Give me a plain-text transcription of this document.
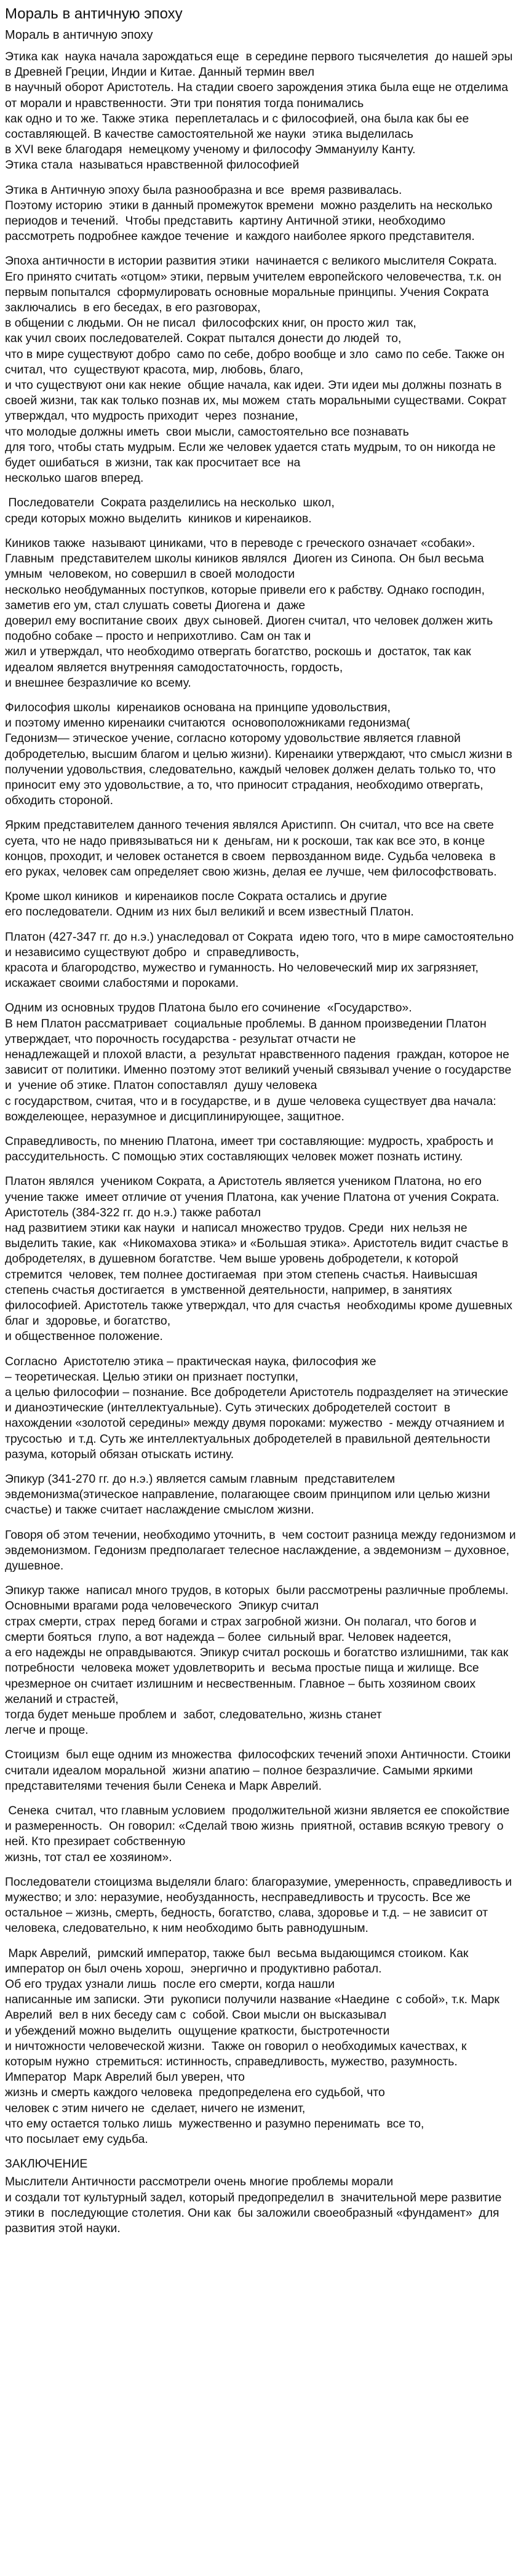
Мораль в античную эпоху
Мораль в античную эпоху
Этика как  наука начала зарождаться еще  в середине первого тысячелетия  до нашей эры в Древней Греции, Индии и Китае. Данный термин ввел
в научный оборот Аристотель. На стадии своего зарождения этика была еще не отделима от морали и нравственности. Эти три понятия тогда понимались
как одно и то же. Также этика  переплеталась и с философией, она была как бы ее составляющей. В качестве самостоятельной же науки  этика выделилась
в XVI веке благодаря  немецкому ученому и философу Эммануилу Канту.
Этика стала  называться нравственной философией
Этика в Античную эпоху была разнообразна и все  время развивалась.
Поэтому историю  этики в данный промежуток времени  можно разделить на несколько  периодов и течений.  Чтобы представить  картину Античной этики, необходимо рассмотреть подробнее каждое течение  и каждого наиболее яркого представителя.
Эпоха античности в истории развития этики  начинается с великого мыслителя Сократа. Его принято считать «отцом» этики, первым учителем европейского человечества, т.к. он первым попытался  сформулировать основные моральные принципы. Учения Сократа заключались  в его беседах, в его разговорах,
в общении с людьми. Он не писал  философских книг, он просто жил  так,
как учил своих последователей. Сократ пытался донести до людей  то,
что в мире существуют добро  само по себе, добро вообще и зло  само по себе. Также он считал, что  существуют красота, мир, любовь, благо,
и что существуют они как некие  общие начала, как идеи. Эти идеи мы должны познать в своей жизни, так как только познав их, мы можем  стать моральными существами. Сократ утверждал, что мудрость приходит  через  познание,
что молодые должны иметь  свои мысли, самостоятельно все познавать
для того, чтобы стать мудрым. Если же человек удается стать мудрым, то он никогда не будет ошибаться  в жизни, так как просчитает все  на
несколько шагов вперед.
Последователи  Сократа разделились на несколько  школ,
среди которых можно выделить  киников и киренаиков.
Киников также  называют циниками, что в переводе с греческого означает «собаки». Главным  представителем школы киников являлся  Диоген из Синопа. Он был весьма умным  человеком, но совершил в своей молодости
несколько необдуманных поступков, которые привели его к рабству. Однако господин, заметив его ум, стал слушать советы Диогена и  даже
доверил ему воспитание своих  двух сыновей. Диоген считал, что человек должен жить подобно собаке – просто и неприхотливо. Сам он так и
жил и утверждал, что необходимо отвергать богатство, роскошь и  достаток, так как идеалом является внутренняя самодостаточность, гордость,
и внешнее безразличие ко всему.
Философия школы  киренаиков основана на принципе удовольствия,
и поэтому именно киренаики считаются  основоположниками гедонизма(
Гедонизм— этическое учение, согласно которому удовольствие является главной добродетелью, высшим благом и целью жизни). Киренаики утверждают, что смысл жизни в получении удовольствия, следовательно, каждый человек должен делать только то, что приносит ему это удовольствие, а то, что приносит страдания, необходимо отвергать, обходить стороной.
Ярким представителем данного течения являлся Аристипп. Он считал, что все на свете суета, что не надо привязываться ни к  деньгам, ни к роскоши, так как все это, в конце концов, проходит, и человек останется в своем  первозданном виде. Судьба человека  в его руках, человек сам определяет свою жизнь, делая ее лучше, чем философствовать.
Кроме школ киников  и киренаиков после Сократа остались и другие
его последователи. Одним из них был великий и всем известный Платон.
Платон (427-347 гг. до н.э.) унаследовал от Сократа  идею того, что в мире самостоятельно и независимо существуют добро  и  справедливость,
красота и благородство, мужество и гуманность. Но человеческий мир их загрязняет, искажает своими слабостями и пороками.
Одним из основных трудов Платона было его сочинение  «Государство».
В нем Платон рассматривает  социальные проблемы. В данном произведении Платон утверждает, что порочность государства - результат отчасти не
ненадлежащей и плохой власти, а  результат нравственного падения  граждан, которое не зависит от политики. Именно поэтому этот великий ученый связывал учение о государстве  и  учение об этике. Платон сопоставлял  душу человека
с государством, считая, что и в государстве, и в  душе человека существует два начала: вожделеющее, неразумное и дисциплинирующее, защитное.
Справедливость, по мнению Платона, имеет три составляющие: мудрость, храбрость и рассудительность. С помощью этих составляющих человек может познать истину.
Платон являлся  учеником Сократа, а Аристотель является учеником Платона, но его учение также  имеет отличие от учения Платона, как учение Платона от учения Сократа. Аристотель (384-322 гг. до н.э.) также работал
над развитием этики как науки  и написал множество трудов. Среди  них нельзя не выделить такие, как  «Никомахова этика» и «Большая этика». Аристотель видит счастье в добродетелях, в душевном богатстве. Чем выше уровень добродетели, к которой стремится  человек, тем полнее достигаемая  при этом степень счастья. Наивысшая  степень счастья достигается  в умственной деятельности, например, в занятиях философией. Аристотель также утверждал, что для счастья  необходимы кроме душевных благ и  здоровье, и богатство,
и общественное положение.
Согласно  Аристотелю этика – практическая наука, философия же
– теоретическая. Целью этики он признает поступки,
а целью философии – познание. Все добродетели Аристотель подразделяет на этические и дианоэтические (интеллектуальные). Суть этических добродетелей состоит  в нахождении «золотой середины» между двумя пороками: мужество  - между отчаянием и трусостью  и т.д. Суть же интеллектуальных добродетелей в правильной деятельности разума, который обязан отыскать истину.
Эпикур (341-270 гг. до н.э.) является самым главным  представителем эвдемонизма(этическое направление, полагающее своим принципом или целью жизни счастье) и также считает наслаждение смыслом жизни.
Говоря об этом течении, необходимо уточнить, в  чем состоит разница между гедонизмом и эвдемонизмом. Гедонизм предполагает телесное наслаждение, а эвдемонизм – духовное, душевное.
Эпикур также  написал много трудов, в которых  были рассмотрены различные проблемы. Основными врагами рода человеческого  Эпикур считал
страх смерти, страх  перед богами и страх загробной жизни. Он полагал, что богов и смерти бояться  глупо, а вот надежда – более  сильный враг. Человек надеется,
а его надежды не оправдываются. Эпикур считал роскошь и богатство излишними, так как потребности  человека может удовлетворить и  весьма простые пища и жилище. Все  чрезмерное он считает излишним и несвественным. Главное – быть хозяином своих желаний и страстей,
тогда будет меньше проблем и  забот, следовательно, жизнь станет
легче и проще.
Стоицизм  был еще одним из множества  философских течений эпохи Античности. Стоики считали идеалом моральной  жизни апатию – полное безразличие. Самыми яркими представителями течения были Сенека и Марк Аврелий.
Сенека  считал, что главным условием  продолжительной жизни является ее спокойствие и размеренность.  Он говорил: «Сделай твою жизнь  приятной, оставив всякую тревогу  о ней. Кто презирает собственную
жизнь, тот стал ее хозяином».
Последователи стоицизма выделяли благо: благоразумие, умеренность, справедливость и мужество; и зло: неразумие, необузданность, несправедливость и трусость. Все же остальное – жизнь, смерть, бедность, богатство, слава, здоровье и т.д. – не зависит от человека, следовательно, к ним необходимо быть равнодушным.
Марк Аврелий,  римский император, также был  весьма выдающимся стоиком. Как  император он был очень хорош,  энергично и продуктивно работал.
Об его трудах узнали лишь  после его смерти, когда нашли
написанные им записки. Эти  рукописи получили название «Наедине  с собой», т.к. Марк Аврелий  вел в них беседу сам с  собой. Свои мысли он высказывал
и убеждений можно выделить  ощущение краткости, быстротечности
и ничтожности человеческой жизни.  Также он говорил о необходимых качествах, к которым нужно  стремиться: истинность, справедливость, мужество, разумность.  Император  Марк Аврелий был уверен, что
жизнь и смерть каждого человека  предопределена его судьбой, что
человек с этим ничего не  сделает, ничего не изменит,
что ему остается только лишь  мужественно и разумно перенимать  все то,
что посылает ему судьба.
ЗАКЛЮЧЕНИЕ
Мыслители Античности рассмотрели очень многие проблемы морали
и создали тот культурный задел, который предопределил в  значительной мере развитие этики в  последующие столетия. Они как  бы заложили своеобразный «фундамент»  для развития этой науки.
